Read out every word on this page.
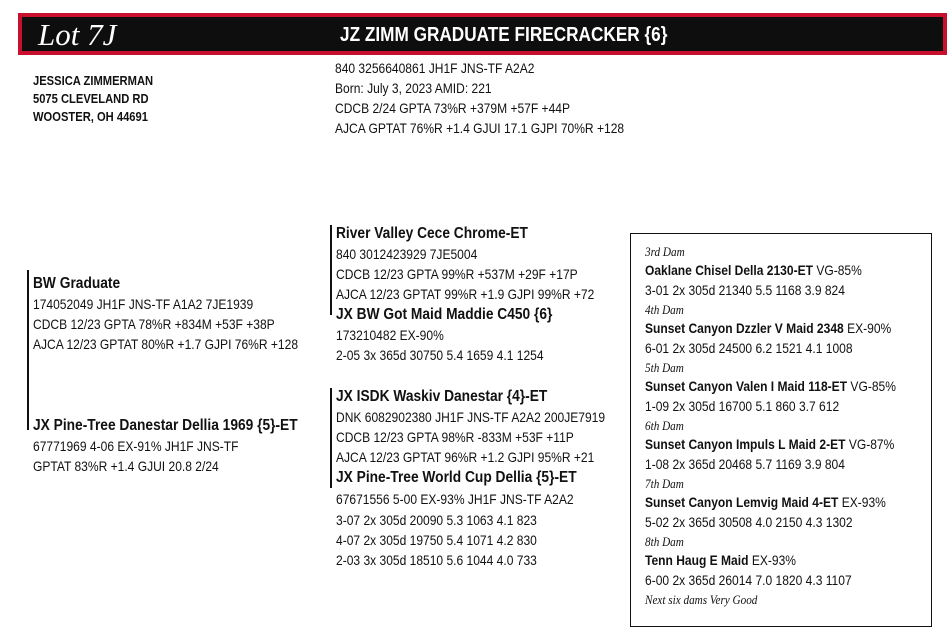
Lot 7J	JZ ZIMM GRADUATE FIRECRACKER {6}
JESSICA ZIMMERMAN
5075 CLEVELAND RD
WOOSTER, OH 44691
840 3256640861 JH1F JNS-TF A2A2
Born: July 3, 2023 AMID: 221
CDCB 2/24 GPTA 73%R +379M +57F +44P
AJCA GPTAT 76%R +1.4 GJUI 17.1 GJPI 70%R +128
BW Graduate
174052049 JH1F JNS-TF A1A2 7JE1939
CDCB 12/23 GPTA 78%R +834M +53F +38P
AJCA 12/23 GPTAT 80%R +1.7 GJPI 76%R +128
JX Pine-Tree Danestar Dellia 1969 {5}-ET
67771969 4-06 EX-91% JH1F JNS-TF
GPTAT 83%R +1.4 GJUI 20.8 2/24
River Valley Cece Chrome-ET
840 3012423929 7JE5004
CDCB 12/23 GPTA 99%R +537M +29F +17P
AJCA 12/23 GPTAT 99%R +1.9 GJPI 99%R +72
JX BW Got Maid Maddie C450 {6}
173210482 EX-90%
2-05 3x 365d 30750 5.4 1659 4.1 1254
JX ISDK Waskiv Danestar {4}-ET
DNK 6082902380 JH1F JNS-TF A2A2 200JE7919
CDCB 12/23 GPTA 98%R -833M +53F +11P
AJCA 12/23 GPTAT 96%R +1.2 GJPI 95%R +21
JX Pine-Tree World Cup Dellia {5}-ET
67671556 5-00 EX-93% JH1F JNS-TF A2A2
3-07 2x 305d 20090 5.3 1063 4.1 823
4-07 2x 305d 19750 5.4 1071 4.2 830
2-03 3x 305d 18510 5.6 1044 4.0 733
3rd Dam
Oaklane Chisel Della 2130-ET VG-85%
3-01 2x 305d 21340 5.5 1168 3.9 824
4th Dam
Sunset Canyon Dzzler V Maid 2348 EX-90%
6-01 2x 305d 24500 6.2 1521 4.1 1008
5th Dam
Sunset Canyon Valen I Maid 118-ET VG-85%
1-09 2x 305d 16700 5.1 860 3.7 612
6th Dam
Sunset Canyon Impuls L Maid 2-ET VG-87%
1-08 2x 365d 20468 5.7 1169 3.9 804
7th Dam
Sunset Canyon Lemvig Maid 4-ET EX-93%
5-02 2x 365d 30508 4.0 2150 4.3 1302
8th Dam
Tenn Haug E Maid EX-93%
6-00 2x 365d 26014 7.0 1820 4.3 1107
Next six dams Very Good
